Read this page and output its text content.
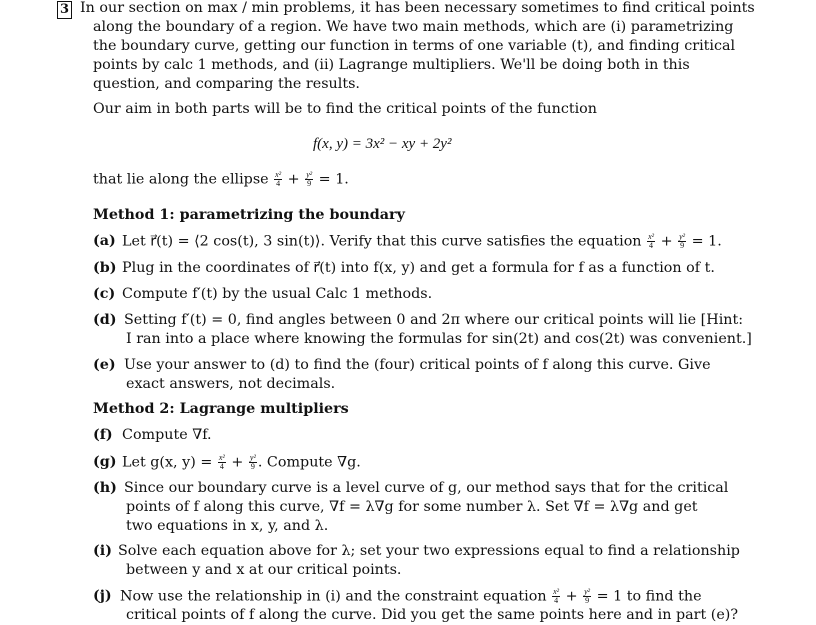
3 In our section on max / min problems, it has been necessary sometimes to find critical points
along the boundary of a region. We have two main methods, which are (i) parametrizing
the boundary curve, getting our function in terms of one variable (t), and finding critical
points by calc 1 methods, and (ii) Lagrange multipliers. We'll be doing both in this
question, and comparing the results.
Our aim in both parts will be to find the critical points of the function
f(x, y) = 3x² − xy + 2y²
that lie along the ellipse $\frac{\text{x²}}{4} + \frac{\text{y²}}{9} = 1$.
Method 1: parametrizing the boundary
(a) Let r⃗(t) = ⟨2 cos(t), 3 sin(t)⟩. Verify that this curve satisfies the equation $\frac{\text{x²}}{4} + \frac{\text{y²}}{9} = 1$.
(b) Plug in the coordinates of r⃗(t) into f(x, y) and get a formula for f as a function of t.
(c) Compute f′(t) by the usual Calc 1 methods.
(d) Setting f′(t) = 0, find angles between 0 and 2π where our critical points will lie [Hint:
I ran into a place where knowing the formulas for sin(2t) and cos(2t) was convenient.]
(e) Use your answer to (d) to find the (four) critical points of f along this curve. Give
exact answers, not decimals.
Method 2: Lagrange multipliers
(f) Compute ∇f.
(g) Let g(x, $y) = \frac{\text{x²}}{4} + \frac{\text{y²}}{9}$ . Compute ∇g.
(h) Since our boundary curve is a level curve of g, our method says that for the critical
points of f along this curve, ∇f = λ∇g for some number λ. Set ∇f = λ∇g and get
two equations in x, y, and λ.
(i) Solve each equation above for λ; set your two expressions equal to find a relationship
between y and x at our critical points.
(j) Now use the relationship in (i) and the constraint equation $\frac{\text{x²}}{4} + \frac{\text{y²}}{9} = 1$ to find the
critical points of f along the curve. Did you get the same points here and in part (e)?
